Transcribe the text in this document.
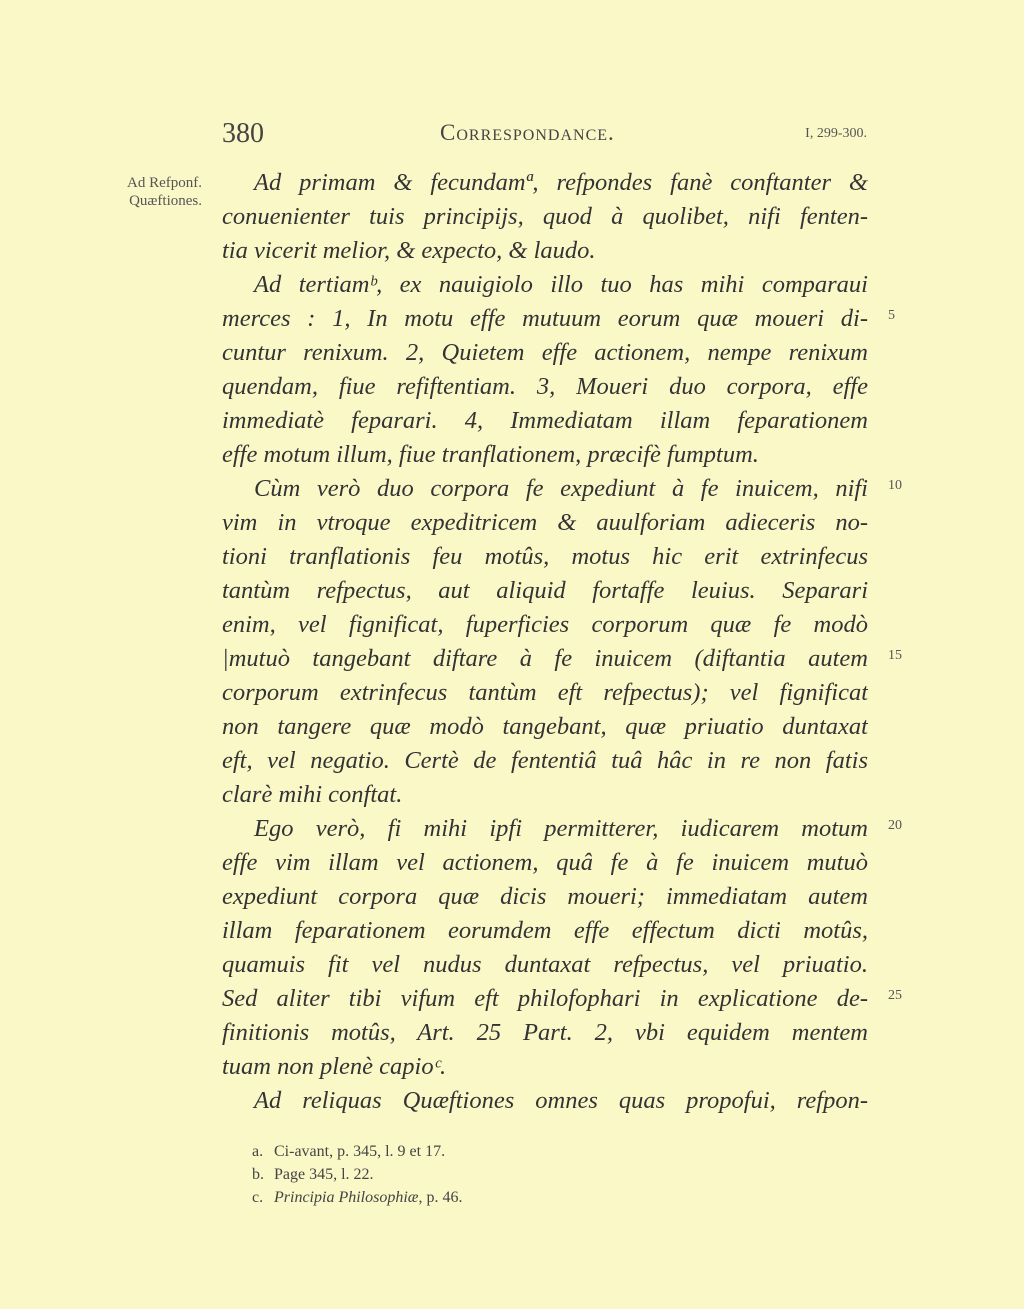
380	Correspondance.	I, 299-300.
Ad Refponf.
Quæftiones.
Ad primam & fecundamª, refpondes fanè conftanter &
conuenienter tuis principijs, quod à quolibet, nifi fenten-
tia vicerit melior, & expecto, & laudo.
Ad tertiamᵇ, ex nauigiolo illo tuo has mihi comparaui
merces : 1, In motu effe mutuum eorum quæ moueri di-
cuntur renixum. 2, Quietem effe actionem, nempe renixum
quendam, fiue refiftentiam. 3, Moueri duo corpora, effe
immediatè feparari. 4, Immediatam illam feparationem
effe motum illum, fiue tranflationem, præcifè fumptum.
Cùm verò duo corpora fe expediunt à fe inuicem, nifi
vim in vtroque expeditricem & auulforiam adieceris no-
tioni tranflationis feu motûs, motus hic erit extrinfecus
tantùm refpectus, aut aliquid fortaffe leuius. Separari
enim, vel fignificat, fuperficies corporum quæ fe modò
|mutuò tangebant diftare à fe inuicem (diftantia autem
corporum extrinfecus tantùm eft refpectus); vel fignificat
non tangere quæ modò tangebant, quæ priuatio duntaxat
eft, vel negatio. Certè de fententiâ tuâ hâc in re non fatis
clarè mihi conftat.
Ego verò, fi mihi ipfi permitterer, iudicarem motum
effe vim illam vel actionem, quâ fe à fe inuicem mutuò
expediunt corpora quæ dicis moueri; immediatam autem
illam feparationem eorumdem effe effectum dicti motûs,
quamuis fit vel nudus duntaxat refpectus, vel priuatio.
Sed aliter tibi vifum eft philofophari in explicatione de-
finitionis motûs, Art. 25 Part. 2, vbi equidem mentem
tuam non plenè capioᶜ.
Ad reliquas Quæftiones omnes quas propofui, refpon-
5
10
15
20
25
a. Ci-avant, p. 345, l. 9 et 17.
b. Page 345, l. 22.
c. Principia Philosophiæ, p. 46.
